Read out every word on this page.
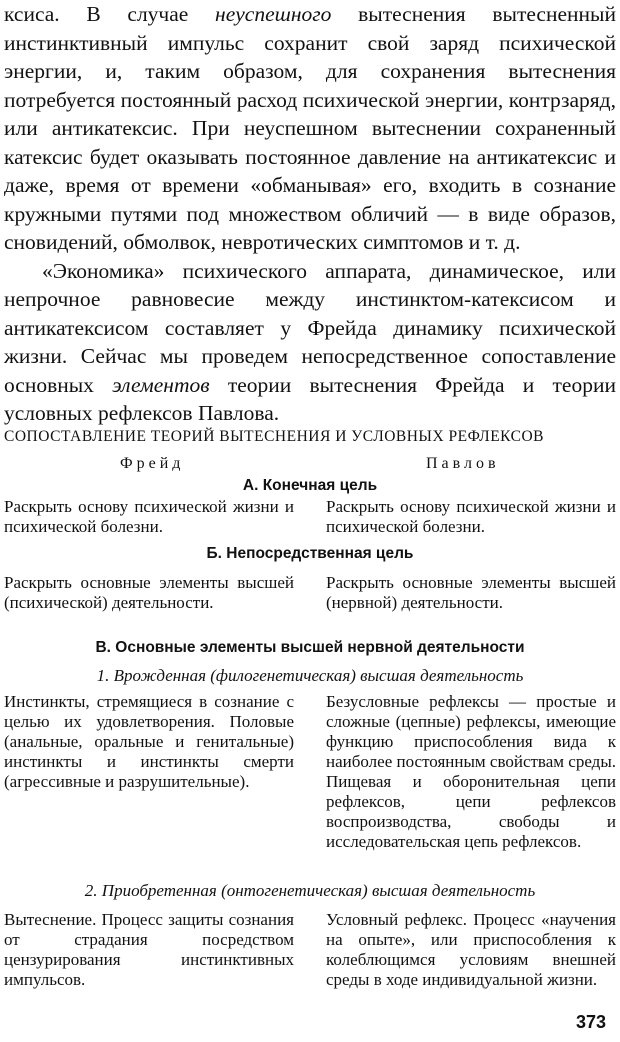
ксиса. В случае неуспешного вытеснения вытесненный инстинктивный импульс сохранит свой заряд психической энергии, и, таким образом, для сохранения вытеснения потребуется постоянный расход психической энергии, контрзаряд, или антикатексис. При неуспешном вытеснении сохраненный катексис будет оказывать постоянное давление на антикатексис и даже, время от времени «обманывая» его, входить в сознание кружными путями под множеством обличий — в виде образов, сновидений, обмолвок, невротических симптомов и т. д.

«Экономика» психического аппарата, динамическое, или непрочное равновесие между инстинктом-катексисом и антикатексисом составляет у Фрейда динамику психической жизни. Сейчас мы проведем непосредственное сопоставление основных элементов теории вытеснения Фрейда и теории условных рефлексов Павлова.

СОПОСТАВЛЕНИЕ ТЕОРИЙ ВЫТЕСНЕНИЯ И УСЛОВНЫХ РЕФЛЕКСОВ
Фрейд	Павлов
А. Конечная цель
Раскрыть основу психической жизни и психической болезни.
Раскрыть основу психической жизни и психической болезни.
Б. Непосредственная цель
Раскрыть основные элементы высшей (психической) деятельности.
Раскрыть основные элементы высшей (нервной) деятельности.
В. Основные элементы высшей нервной деятельности
1. Врожденная (филогенетическая) высшая деятельность
Инстинкты, стремящиеся в сознание с целью их удовлетворения. Половые (анальные, оральные и генитальные) инстинкты и инстинкты смерти (агрессивные и разрушительные).
Безусловные рефлексы — простые и сложные (цепные) рефлексы, имеющие функцию приспособления вида к наиболее постоянным свойствам среды. Пищевая и оборонительная цепи рефлексов, цепи рефлексов воспроизводства, свободы и исследовательская цепь рефлексов.
2. Приобретенная (онтогенетическая) высшая деятельность
Вытеснение. Процесс защиты сознания от страдания посредством цензурирования инстинктивных импульсов.
Условный рефлекс. Процесс «научения на опыте», или приспособления к колеблющимся условиям внешней среды в ходе индивидуальной жизни.
373
